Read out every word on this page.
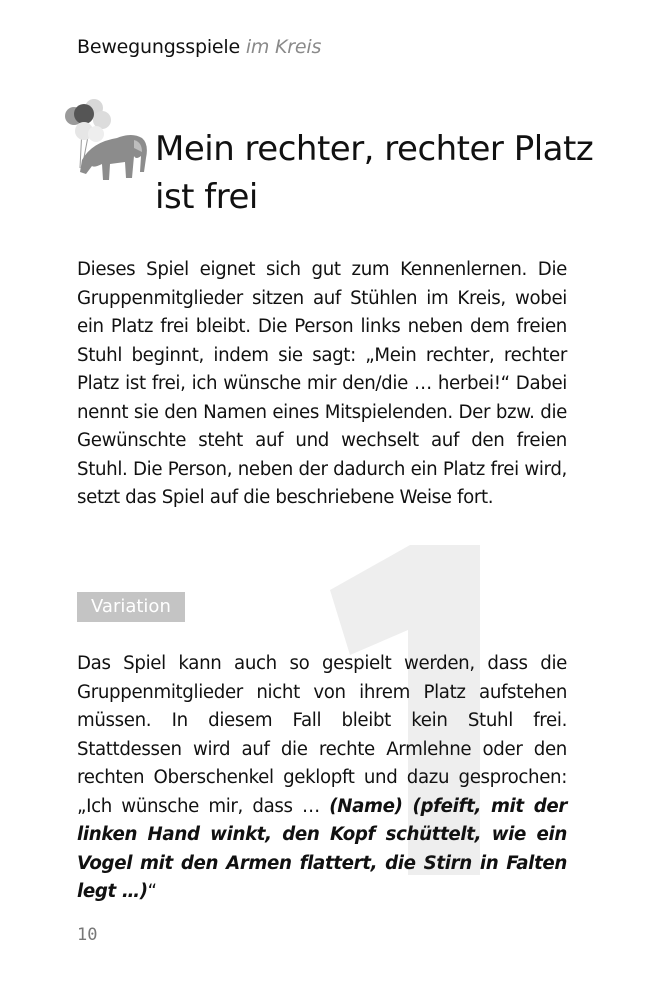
Bewegungsspiele im Kreis
Mein rechter, rechter Platz ist frei

Dieses Spiel eignet sich gut zum Kennenlernen. Die Gruppenmitglieder sitzen auf Stühlen im Kreis, wobei ein Platz frei bleibt. Die Person links neben dem freien Stuhl beginnt, indem sie sagt: „Mein rechter, rechter Platz ist frei, ich wünsche mir den/die … herbei!“ Dabei nennt sie den Namen eines Mitspielenden. Der bzw. die Gewünschte steht auf und wechselt auf den freien Stuhl. Die Person, neben der dadurch ein Platz frei wird, setzt das Spiel auf die beschriebene Weise fort.

Variation

Das Spiel kann auch so gespielt werden, dass die Gruppenmitglieder nicht von ihrem Platz aufstehen müssen. In diesem Fall bleibt kein Stuhl frei. Stattdessen wird auf die rechte Armlehne oder den rechten Oberschenkel geklopft und dazu gesprochen: „Ich wünsche mir, dass … (Name) (pfeift, mit der linken Hand winkt, den Kopf schüttelt, wie ein Vogel mit den Armen flattert, die Stirn in Falten legt …)“

10
